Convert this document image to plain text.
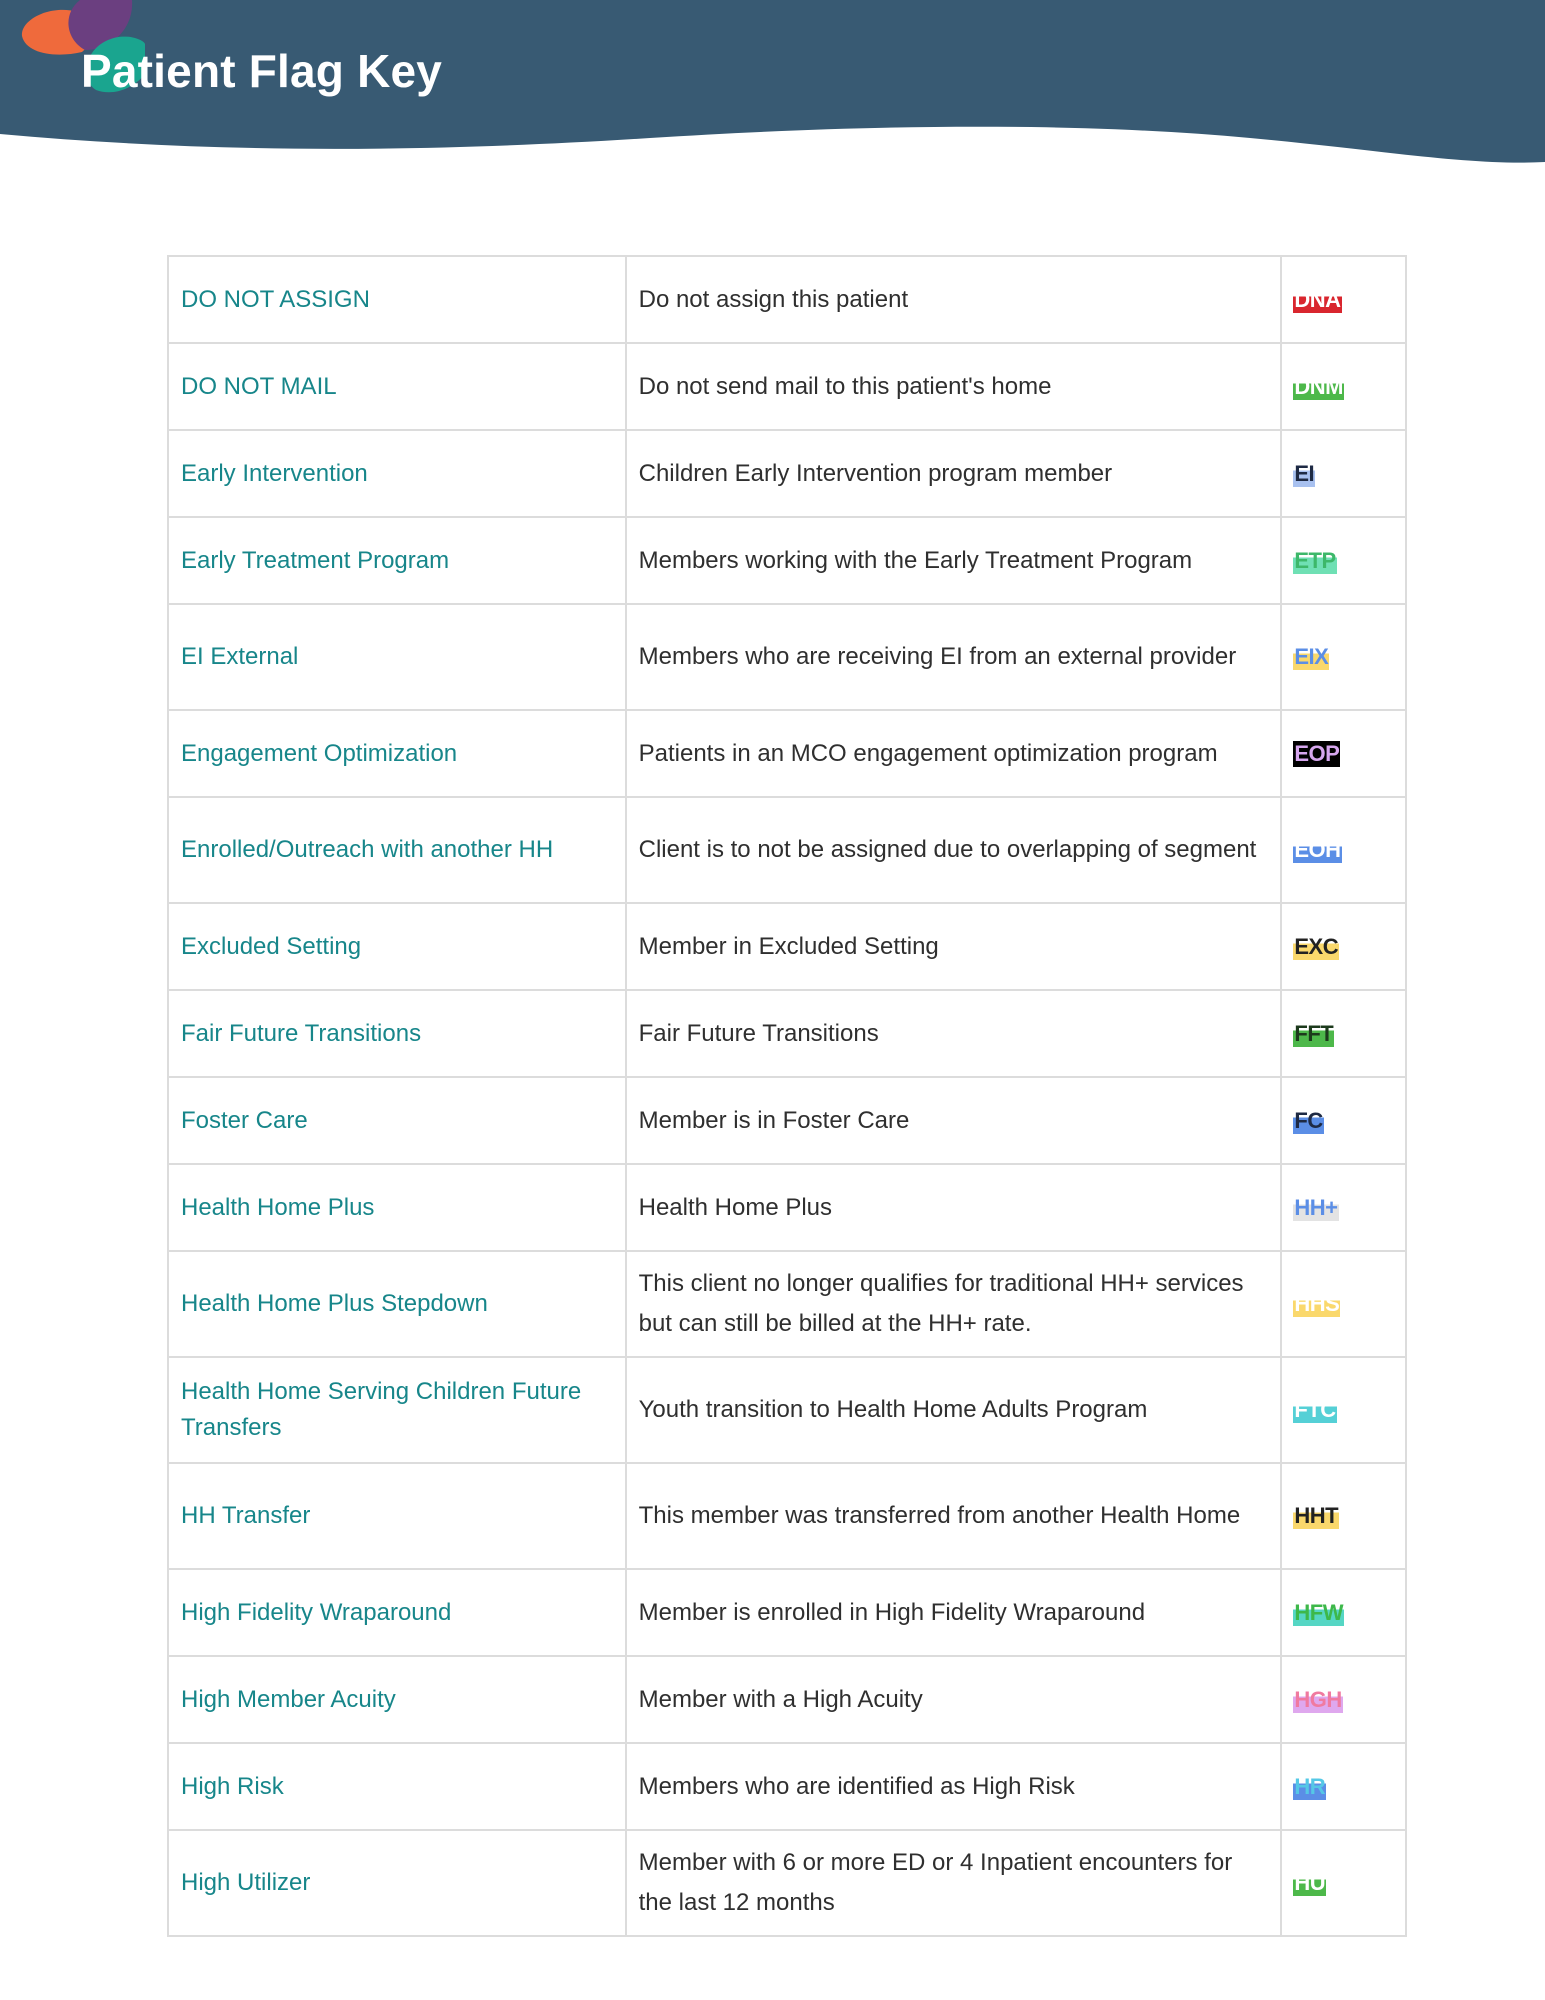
Patient Flag Key
DO NOT ASSIGN	Do not assign this patient	DNA
DO NOT MAIL	Do not send mail to this patient's home	DNM
Early Intervention	Children Early Intervention program member	EI
Early Treatment Program	Members working with the Early Treatment Program	ETP
EI External	Members who are receiving EI from an external provider	EIX
Engagement Optimization	Patients in an MCO engagement optimization program	EOP
Enrolled/Outreach with another HH	Client is to not be assigned due to overlapping of segment	EOH
Excluded Setting	Member in Excluded Setting	EXC
Fair Future Transitions	Fair Future Transitions	FFT
Foster Care	Member is in Foster Care	FC
Health Home Plus	Health Home Plus	HH+
Health Home Plus Stepdown	This client no longer qualifies for traditional HH+ services but can still be billed at the HH+ rate.	HHS
Health Home Serving Children Future Transfers	Youth transition to Health Home Adults Program	FTC
HH Transfer	This member was transferred from another Health Home	HHT
High Fidelity Wraparound	Member is enrolled in High Fidelity Wraparound	HFW
High Member Acuity	Member with a High Acuity	HGH
High Risk	Members who are identified as High Risk	HR
High Utilizer	Member with 6 or more ED or 4 Inpatient encounters for the last 12 months	HU
